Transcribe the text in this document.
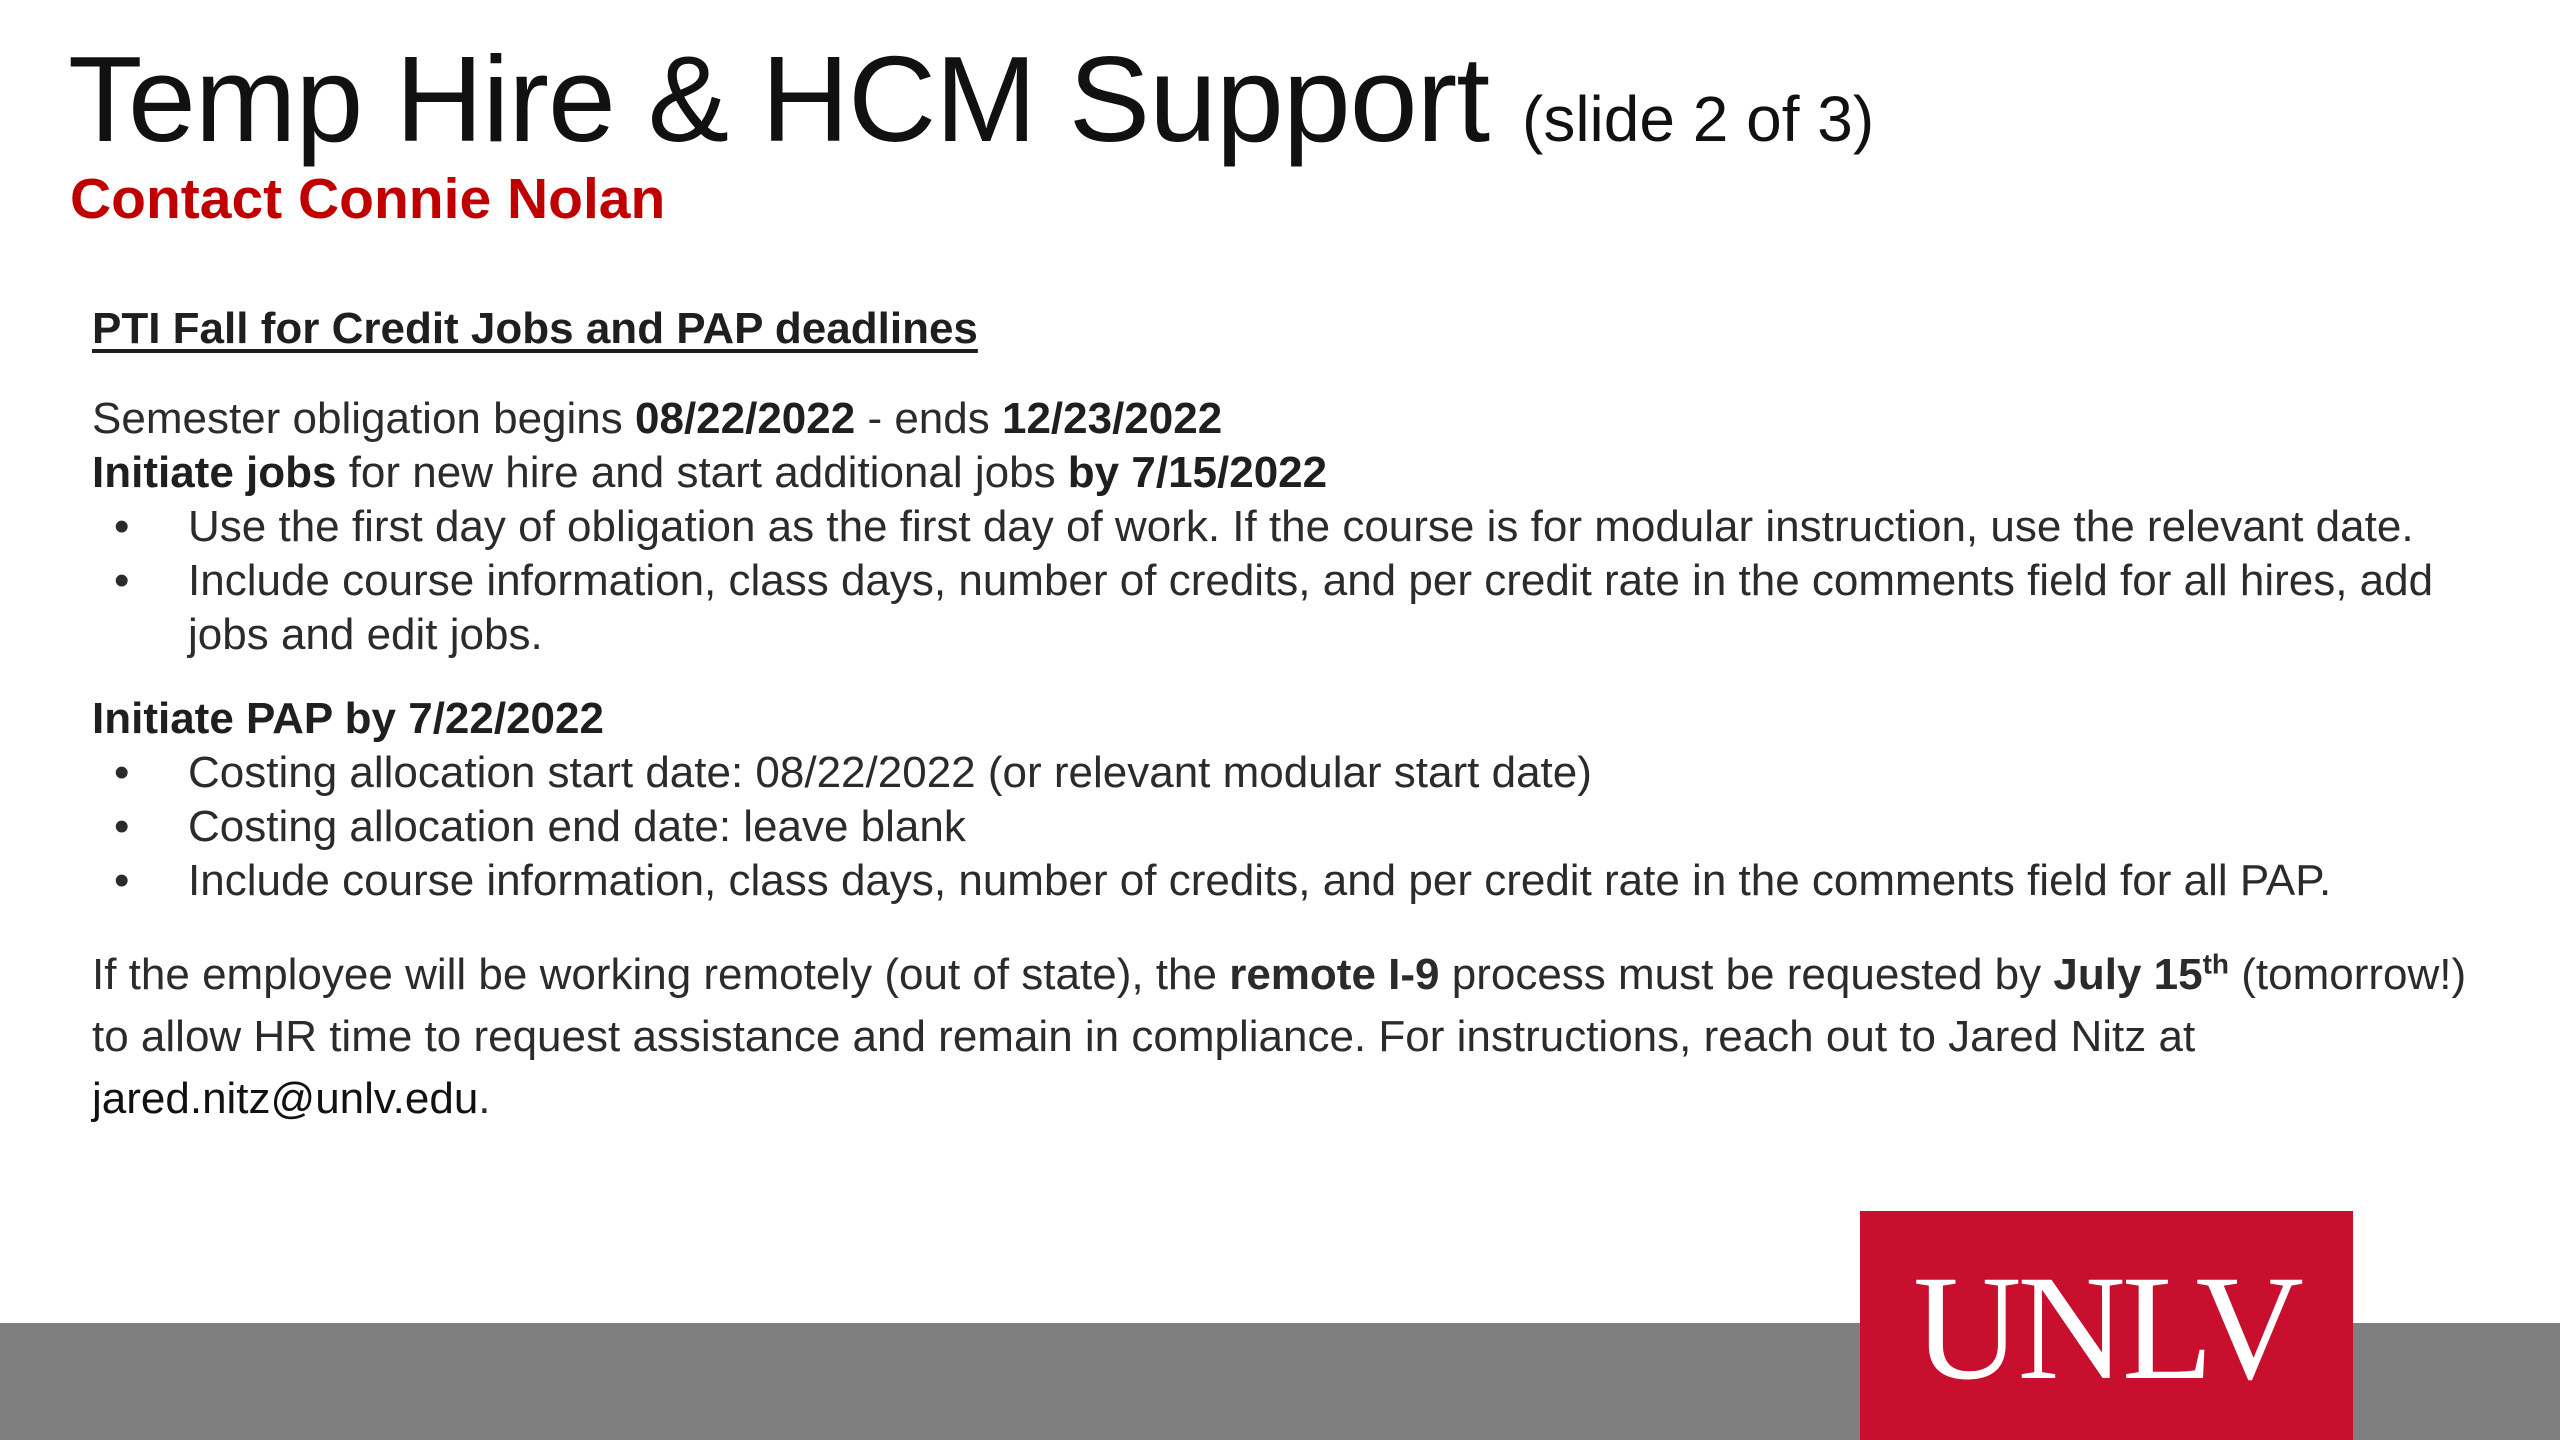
Temp Hire & HCM Support (slide 2 of 3)
Contact Connie Nolan
PTI Fall for Credit Jobs and PAP deadlines

Semester obligation begins 08/22/2022 - ends 12/23/2022

Initiate jobs for new hire and start additional jobs by 7/15/2022

• Use the first day of obligation as the first day of work. If the course is for modular instruction, use the relevant date.
• Include course information, class days, number of credits, and per credit rate in the comments field for all hires, add jobs and edit jobs.

Initiate PAP by 7/22/2022

• Costing allocation start date: 08/22/2022 (or relevant modular start date)
• Costing allocation end date: leave blank
• Include course information, class days, number of credits, and per credit rate in the comments field for all PAP.

If the employee will be working remotely (out of state), the remote I-9 process must be requested by July 15th (tomorrow!) to allow HR time to request assistance and remain in compliance. For instructions, reach out to Jared Nitz at jared.nitz@unlv.edu.

UNLV
